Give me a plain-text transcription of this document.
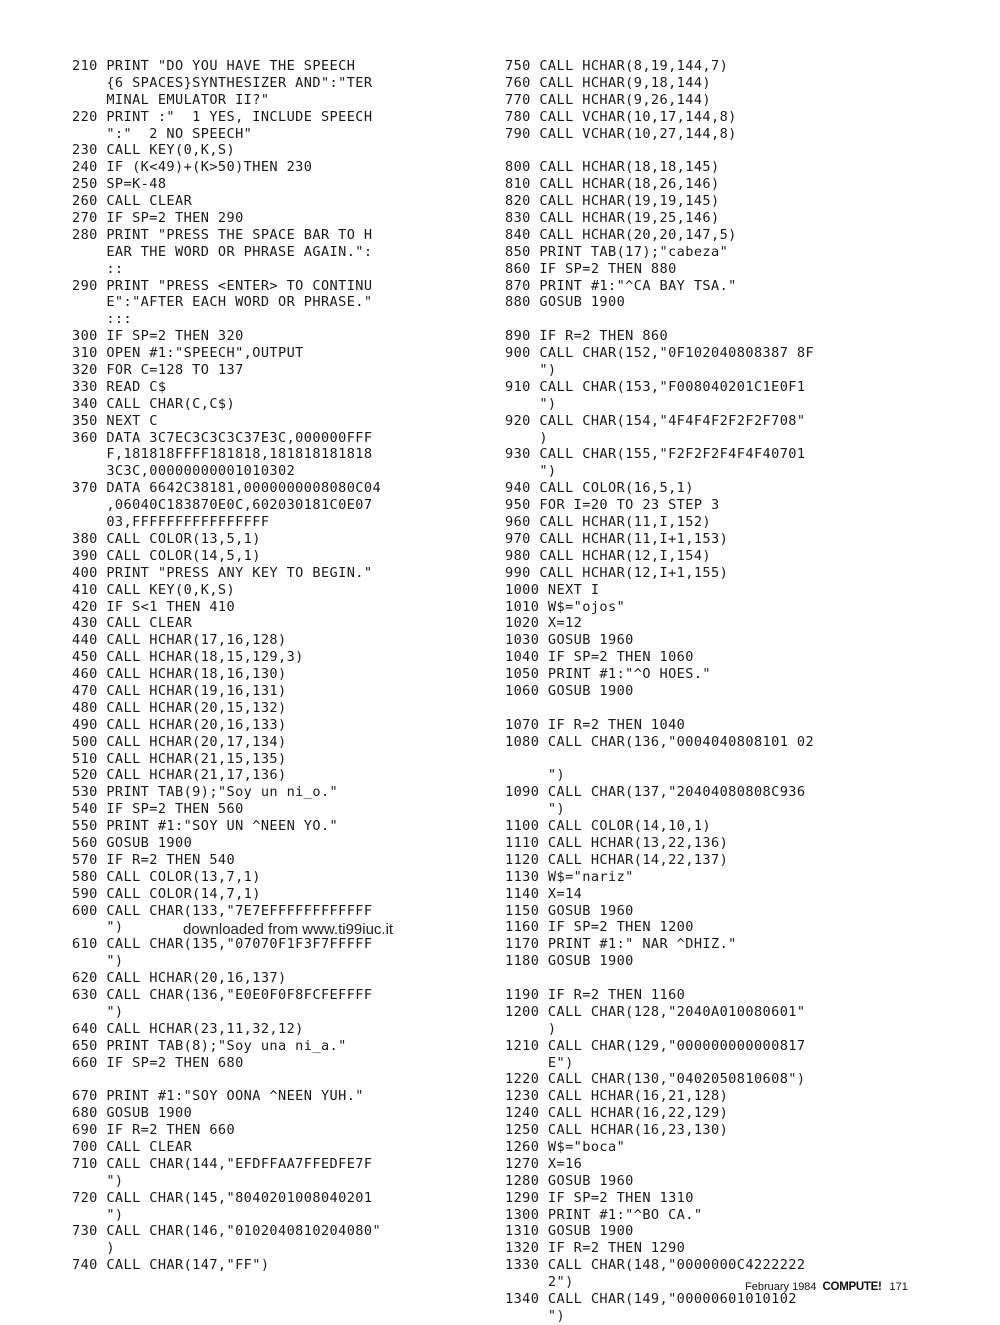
210 PRINT "DO YOU HAVE THE SPEECH
{6 SPACES}SYNTHESIZER AND":"TER
MINAL EMULATOR II?"
220 PRINT :"  1 YES, INCLUDE SPEECH
":"  2 NO SPEECH"
230 CALL KEY(0,K,S)
240 IF (K<49)+(K>50)THEN 230
250 SP=K-48
260 CALL CLEAR
270 IF SP=2 THEN 290
280 PRINT "PRESS THE SPACE BAR TO H
EAR THE WORD OR PHRASE AGAIN.":
::
290 PRINT "PRESS <ENTER> TO CONTINU
E":"AFTER EACH WORD OR PHRASE."
:::
300 IF SP=2 THEN 320
310 OPEN #1:"SPEECH",OUTPUT
320 FOR C=128 TO 137
330 READ C$
340 CALL CHAR(C,C$)
350 NEXT C
360 DATA 3C7EC3C3C3C37E3C,000000FFF
F,181818FFFF181818,181818181818
3C3C,00000000001010302
370 DATA 6642C38181,0000000008080C04
,06040C183870E0C,602030181C0E07
03,FFFFFFFFFFFFFFFF
380 CALL COLOR(13,5,1)
390 CALL COLOR(14,5,1)
400 PRINT "PRESS ANY KEY TO BEGIN."
410 CALL KEY(0,K,S)
420 IF S<1 THEN 410
430 CALL CLEAR
440 CALL HCHAR(17,16,128)
450 CALL HCHAR(18,15,129,3)
460 CALL HCHAR(18,16,130)
470 CALL HCHAR(19,16,131)
480 CALL HCHAR(20,15,132)
490 CALL HCHAR(20,16,133)
500 CALL HCHAR(20,17,134)
510 CALL HCHAR(21,15,135)
520 CALL HCHAR(21,17,136)
530 PRINT TAB(9);"Soy un ni_o."
540 IF SP=2 THEN 560
550 PRINT #1:"SOY UN ^NEEN YO."
560 GOSUB 1900
570 IF R=2 THEN 540
580 CALL COLOR(13,7,1)
590 CALL COLOR(14,7,1)
600 CALL CHAR(133,"7E7EFFFFFFFFFFFF
")
610 CALL CHAR(135,"07070F1F3F7FFFFF
")
620 CALL HCHAR(20,16,137)
630 CALL CHAR(136,"E0E0F0F8FCFEFFFF
")
640 CALL HCHAR(23,11,32,12)
650 PRINT TAB(8);"Soy una ni_a."
660 IF SP=2 THEN 680
670 PRINT #1:"SOY OONA ^NEEN YUH."
680 GOSUB 1900
690 IF R=2 THEN 660
700 CALL CLEAR
710 CALL CHAR(144,"EFDFFAA7FFEDFE7F
")
720 CALL CHAR(145,"8040201008040201
")
730 CALL CHAR(146,"0102040810204080"
)
740 CALL CHAR(147,"FF")
750 CALL HCHAR(8,19,144,7)
760 CALL HCHAR(9,18,144)
770 CALL HCHAR(9,26,144)
780 CALL VCHAR(10,17,144,8)
790 CALL VCHAR(10,27,144,8)
800 CALL HCHAR(18,18,145)
810 CALL HCHAR(18,26,146)
820 CALL HCHAR(19,19,145)
830 CALL HCHAR(19,25,146)
840 CALL HCHAR(20,20,147,5)
850 PRINT TAB(17);"cabeza"
860 IF SP=2 THEN 880
870 PRINT #1:"^CA BAY TSA."
880 GOSUB 1900
890 IF R=2 THEN 860
900 CALL CHAR(152,"0F102040808387 8F
")
910 CALL CHAR(153,"F008040201C1E0F1
")
920 CALL CHAR(154,"4F4F4F2F2F2F708"
)
930 CALL CHAR(155,"F2F2F2F4F4F40701
")
940 CALL COLOR(16,5,1)
950 FOR I=20 TO 23 STEP 3
960 CALL HCHAR(11,I,152)
970 CALL HCHAR(11,I+1,153)
980 CALL HCHAR(12,I,154)
990 CALL HCHAR(12,I+1,155)
1000 NEXT I
1010 W$="ojos"
1020 X=12
1030 GOSUB 1960
1040 IF SP=2 THEN 1060
1050 PRINT #1:"^O HOES."
1060 GOSUB 1900
1070 IF R=2 THEN 1040
1080 CALL CHAR(136,"0004040808101 02
")
1090 CALL CHAR(137,"20404080808C936
")
1100 CALL COLOR(14,10,1)
1110 CALL HCHAR(13,22,136)
1120 CALL HCHAR(14,22,137)
1130 W$="nariz"
1140 X=14
1150 GOSUB 1960
1160 IF SP=2 THEN 1200
1170 PRINT #1:" NAR ^DHIZ."
1180 GOSUB 1900
1190 IF R=2 THEN 1160
1200 CALL CHAR(128,"2040A010080601"
)
1210 CALL CHAR(129,"000000000000817
E")
1220 CALL CHAR(130,"0402050810608")
1230 CALL HCHAR(16,21,128)
1240 CALL HCHAR(16,22,129)
1250 CALL HCHAR(16,23,130)
1260 W$="boca"
1270 X=16
1280 GOSUB 1960
1290 IF SP=2 THEN 1310
1300 PRINT #1:"^BO CA."
1310 GOSUB 1900
1320 IF R=2 THEN 1290
1330 CALL CHAR(148,"0000000C4222222
2")
1340 CALL CHAR(149,"00000601010102
")
downloaded from www.ti99iuc.it
February 1984 COMPUTE! 171
